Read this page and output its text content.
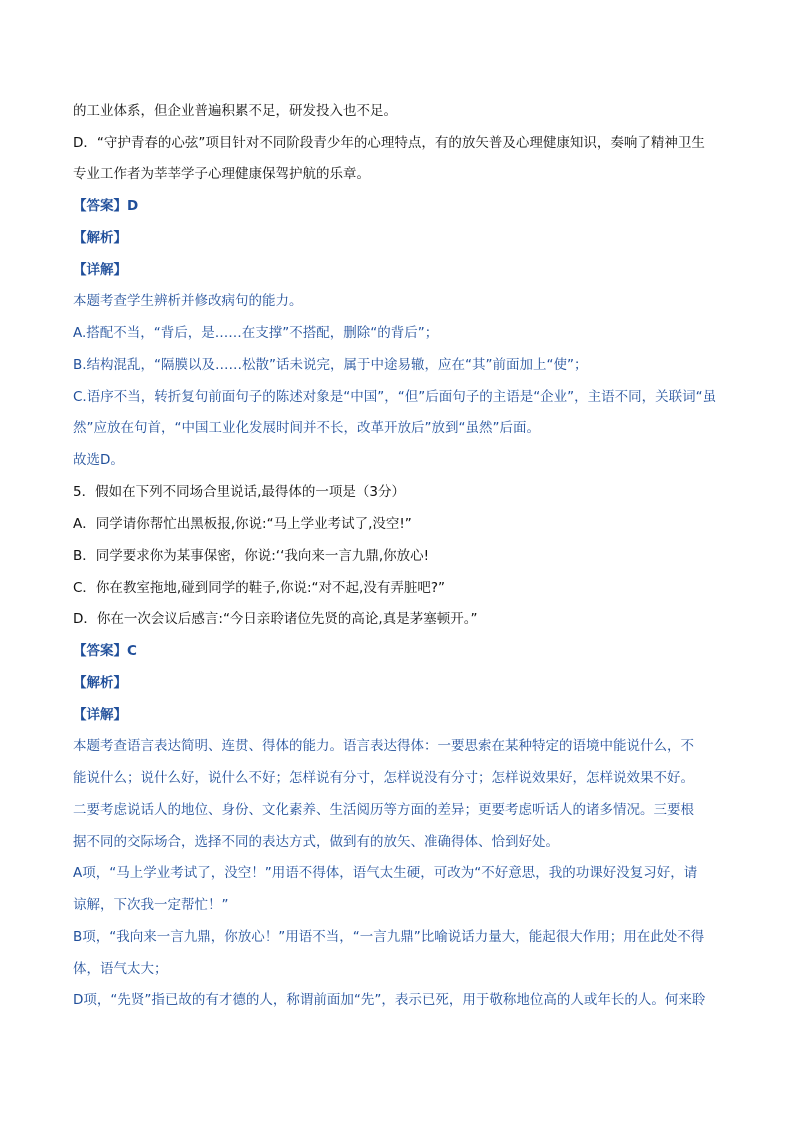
的工业体系，但企业普遍积累不足，研发投入也不足。
D．“守护青春的心弦”项目针对不同阶段青少年的心理特点，有的放矢普及心理健康知识，奏响了精神卫生
专业工作者为莘莘学子心理健康保驾护航的乐章。
【答案】D
【解析】
【详解】
本题考查学生辨析并修改病句的能力。
A.搭配不当，“背后，是……在支撑”不搭配，删除“的背后”；
B.结构混乱，“隔膜以及……松散”话未说完，属于中途易辙，应在“其”前面加上“使”；
C.语序不当，转折复句前面句子的陈述对象是“中国”，“但”后面句子的主语是“企业”，主语不同，关联词“虽
然”应放在句首，“中国工业化发展时间并不长，改革开放后”放到“虽然”后面。
故选D。
5．假如在下列不同场合里说话,最得体的一项是（3分）
A．同学请你帮忙出黑板报,你说:“马上学业考试了,没空!”
B．同学要求你为某事保密，你说:‘‘我向来一言九鼎,你放心!
C．你在教室拖地,碰到同学的鞋子,你说:“对不起,没有弄脏吧?”
D．你在一次会议后感言:“今日亲聆诸位先贤的高论,真是茅塞顿开。”
【答案】C
【解析】
【详解】
本题考查语言表达简明、连贯、得体的能力。语言表达得体：一要思索在某种特定的语境中能说什么，不
能说什么；说什么好，说什么不好；怎样说有分寸，怎样说没有分寸；怎样说效果好，怎样说效果不好。
二要考虑说话人的地位、身份、文化素养、生活阅历等方面的差异；更要考虑听话人的诸多情况。三要根
据不同的交际场合，选择不同的表达方式，做到有的放矢、准确得体、恰到好处。
A项，“马上学业考试了，没空！”用语不得体，语气太生硬，可改为“不好意思，我的功课好没复习好，请
谅解，下次我一定帮忙！”
B项，“我向来一言九鼎，你放心！”用语不当，“一言九鼎”比喻说话力量大，能起很大作用；用在此处不得
体，语气太大；
D项，“先贤”指已故的有才德的人，称谓前面加“先”，表示已死，用于敬称地位高的人或年长的人。何来聆
